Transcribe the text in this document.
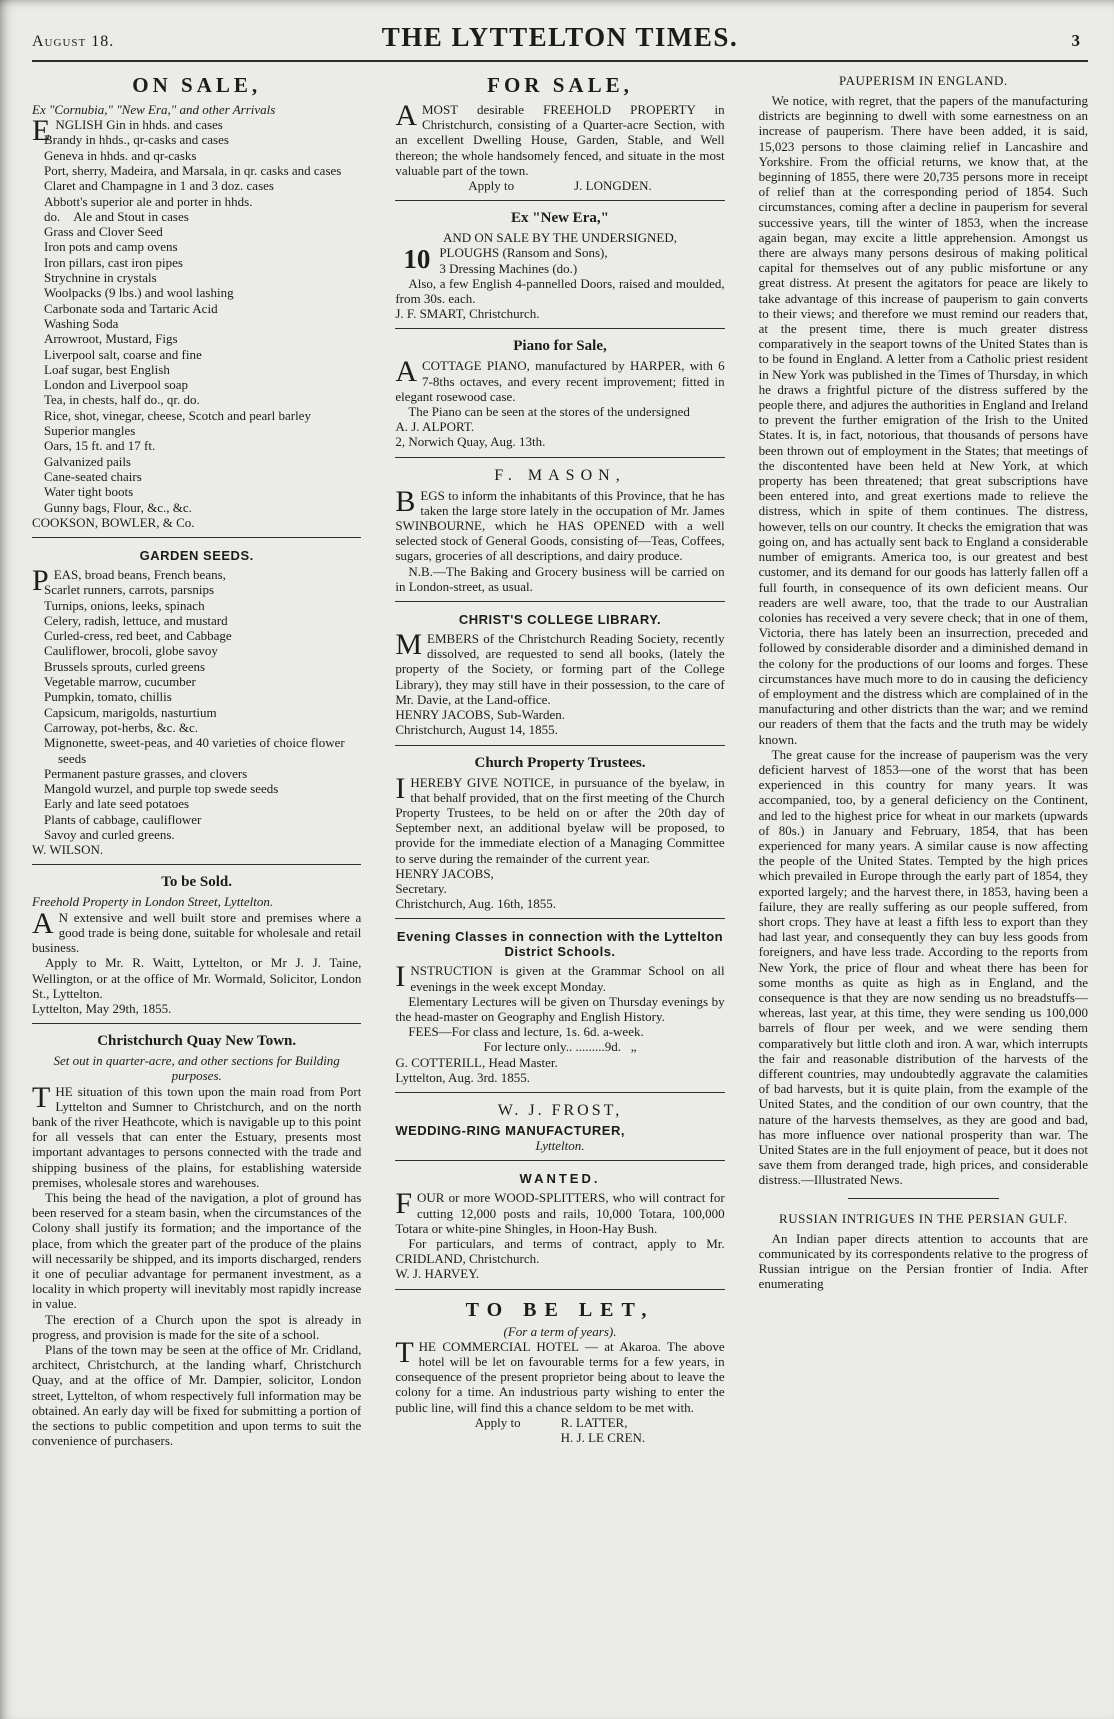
August 18.	THE LYTTELTON TIMES.	3
ON SALE,

Ex "Cornubia," "New Era," and other Arrivals

ENGLISH Gin in hhds. and cases

Brandy in hhds., qr-casks and cases
Geneva in hhds. and qr-casks
Port, sherry, Madeira, and Marsala, in qr. casks and cases
Claret and Champagne in 1 and 3 doz. cases
Abbott's superior ale and porter in hhds.
do.    Ale and Stout in cases
Grass and Clover Seed
Iron pots and camp ovens
Iron pillars, cast iron pipes
Strychnine in crystals
Woolpacks (9 lbs.) and wool lashing
Carbonate soda and Tartaric Acid
Washing Soda
Arrowroot, Mustard, Figs
Liverpool salt, coarse and fine
Loaf sugar, best English
London and Liverpool soap
Tea, in chests, half do., qr. do.
Rice, shot, vinegar, cheese, Scotch and pearl barley
Superior mangles
Oars, 15 ft. and 17 ft.
Galvanized pails
Cane-seated chairs
Water tight boots
Gunny bags, Flour, &c., &c.

COOKSON, BOWLER, & Co.

GARDEN SEEDS.

PEAS, broad beans, French beans,

Scarlet runners, carrots, parsnips
Turnips, onions, leeks, spinach
Celery, radish, lettuce, and mustard
Curled-cress, red beet, and Cabbage
Cauliflower, brocoli, globe savoy
Brussels sprouts, curled greens
Vegetable marrow, cucumber
Pumpkin, tomato, chillis
Capsicum, marigolds, nasturtium
Carroway, pot-herbs, &c. &c.
Mignonette, sweet-peas, and 40 varieties of choice flower seeds
Permanent pasture grasses, and clovers
Mangold wurzel, and purple top swede seeds
Early and late seed potatoes
Plants of cabbage, cauliflower
Savoy and curled greens.

W. WILSON.

To be Sold.

Freehold Property in London Street, Lyttelton.

A N extensive and well built store and premises where a good trade is being done, suitable for wholesale and retail business.

Apply to Mr. R. Waitt, Lyttelton, or Mr J. J. Taine, Wellington, or at the office of Mr. Wormald, Solicitor, London St., Lyttelton.

Lyttelton, May 29th, 1855.

Christchurch Quay New Town.

Set out in quarter-acre, and other sections for Building purposes.

THE situation of this town upon the main road from Port Lyttelton and Sumner to Christchurch, and on the north bank of the river Heathcote, which is navigable up to this point for all vessels that can enter the Estuary, presents most important advantages to persons connected with the trade and shipping business of the plains, for establishing waterside premises, wholesale stores and warehouses.

This being the head of the navigation, a plot of ground has been reserved for a steam basin, when the circumstances of the Colony shall justify its formation; and the importance of the place, from which the greater part of the produce of the plains will necessarily be shipped, and its imports discharged, renders it one of peculiar advantage for permanent investment, as a locality in which property will inevitably most rapidly increase in value.

The erection of a Church upon the spot is already in progress, and provision is made for the site of a school.

Plans of the town may be seen at the office of Mr. Cridland, architect, Christchurch, at the landing wharf, Christchurch Quay, and at the office of Mr. Dampier, solicitor, London street, Lyttelton, of whom respectively full information may be obtained. An early day will be fixed for submitting a portion of the sections to public competition and upon terms to suit the convenience of purchasers.

FOR SALE,

AMOST desirable FREEHOLD PROPERTY in Christchurch, consisting of a Quarter-acre Section, with an excellent Dwelling House, Garden, Stable, and Well thereon; the whole handsomely fenced, and situate in the most valuable part of the town.

Apply to	J. LONGDEN.
Ex "New Era,"

AND ON SALE BY THE UNDERSIGNED,

10 PLOUGHS (Ransom and Sons),
3 Dressing Machines (do.)

Also, a few English 4-pannelled Doors, raised and moulded, from 30s. each.

J. F. SMART, Christchurch.

Piano for Sale,

ACOTTAGE PIANO, manufactured by HARPER, with 6 7-8ths octaves, and every recent improvement; fitted in elegant rosewood case.

The Piano can be seen at the stores of the undersigned

A. J. ALPORT.

2, Norwich Quay, Aug. 13th.

F. MASON,

BEGS to inform the inhabitants of this Province, that he has taken the large store lately in the occupation of Mr. James SWINBOURNE, which he HAS OPENED with a well selected stock of General Goods, consisting of—Teas, Coffees, sugars, groceries of all descriptions, and dairy produce.

N.B.—The Baking and Grocery business will be carried on in London-street, as usual.

CHRIST'S COLLEGE LIBRARY.

MEMBERS of the Christchurch Reading Society, recently dissolved, are requested to send all books, (lately the property of the Society, or forming part of the College Library), they may still have in their possession, to the care of Mr. Davie, at the Land-office.

HENRY JACOBS, Sub-Warden.

Christchurch, August 14, 1855.

Church Property Trustees.

IHEREBY GIVE NOTICE, in pursuance of the byelaw, in that behalf provided, that on the first meeting of the Church Property Trustees, to be held on or after the 20th day of September next, an additional byelaw will be proposed, to provide for the immediate election of a Managing Committee to serve during the remainder of the current year.

HENRY JACOBS,

Secretary.

Christchurch, Aug. 16th, 1855.

Evening Classes in connection with the Lyttelton District Schools.

INSTRUCTION is given at the Grammar School on all evenings in the week except Monday.

Elementary Lectures will be given on Thursday evenings by the head-master on Geography and English History.

FEES—For class and lecture, 1s. 6d. a-week.

For lecture only.. .........9d.   „

G. COTTERILL, Head Master.

Lyttelton, Aug. 3rd. 1855.

W. J. FROST,

WEDDING-RING MANUFACTURER,

Lyttelton.

WANTED.

FOUR or more WOOD-SPLITTERS, who will contract for cutting 12,000 posts and rails, 10,000 Totara, 100,000 Totara or white-pine Shingles, in Hoon-Hay Bush.

For particulars, and terms of contract, apply to Mr. CRIDLAND, Christchurch.

W. J. HARVEY.

TO BE LET,

(For a term of years).

THE COMMERCIAL HOTEL — at Akaroa. The above hotel will be let on favourable terms for a few years, in consequence of the present proprietor being about to leave the colony for a time. An industrious party wishing to enter the public line, will find this a chance seldom to be met with.

Apply to	R. LATTER,
H. J. LE CREN.
PAUPERISM IN ENGLAND.

We notice, with regret, that the papers of the manufacturing districts are beginning to dwell with some earnestness on an increase of pauperism. There have been added, it is said, 15,023 persons to those claiming relief in Lancashire and Yorkshire. From the official returns, we know that, at the beginning of 1855, there were 20,735 persons more in receipt of relief than at the corresponding period of 1854. Such circumstances, coming after a decline in pauperism for several successive years, till the winter of 1853, when the increase again began, may excite a little apprehension. Amongst us there are always many persons desirous of making political capital for themselves out of any public misfortune or any great distress. At present the agitators for peace are likely to take advantage of this increase of pauperism to gain converts to their views; and therefore we must remind our readers that, at the present time, there is much greater distress comparatively in the seaport towns of the United States than is to be found in England. A letter from a Catholic priest resident in New York was published in the Times of Thursday, in which he draws a frightful picture of the distress suffered by the people there, and adjures the authorities in England and Ireland to prevent the further emigration of the Irish to the United States. It is, in fact, notorious, that thousands of persons have been thrown out of employment in the States; that meetings of the discontented have been held at New York, at which property has been threatened; that great subscriptions have been entered into, and great exertions made to relieve the distress, which in spite of them continues. The distress, however, tells on our country. It checks the emigration that was going on, and has actually sent back to England a considerable number of emigrants. America too, is our greatest and best customer, and its demand for our goods has latterly fallen off a full fourth, in consequence of its own deficient means. Our readers are well aware, too, that the trade to our Australian colonies has received a very severe check; that in one of them, Victoria, there has lately been an insurrection, preceded and followed by considerable disorder and a diminished demand in the colony for the productions of our looms and forges. These circumstances have much more to do in causing the deficiency of employment and the distress which are complained of in the manufacturing and other districts than the war; and we remind our readers of them that the facts and the truth may be widely known.

The great cause for the increase of pauperism was the very deficient harvest of 1853—one of the worst that has been experienced in this country for many years. It was accompanied, too, by a general deficiency on the Continent, and led to the highest price for wheat in our markets (upwards of 80s.) in January and February, 1854, that has been experienced for many years. A similar cause is now affecting the people of the United States. Tempted by the high prices which prevailed in Europe through the early part of 1854, they exported largely; and the harvest there, in 1853, having been a failure, they are really suffering as our people suffered, from short crops. They have at least a fifth less to export than they had last year, and consequently they can buy less goods from foreigners, and have less trade. According to the reports from New York, the price of flour and wheat there has been for some months as quite as high as in England, and the consequence is that they are now sending us no breadstuffs—whereas, last year, at this time, they were sending us 100,000 barrels of flour per week, and we were sending them comparatively but little cloth and iron. A war, which interrupts the fair and reasonable distribution of the harvests of the different countries, may undoubtedly aggravate the calamities of bad harvests, but it is quite plain, from the example of the United States, and the condition of our own country, that the nature of the harvests themselves, as they are good and bad, has more influence over national prosperity than war. The United States are in the full enjoyment of peace, but it does not save them from deranged trade, high prices, and considerable distress.—Illustrated News.

RUSSIAN INTRIGUES IN THE PERSIAN GULF.

An Indian paper directs attention to accounts that are communicated by its correspondents relative to the progress of Russian intrigue on the Persian frontier of India. After enumerating
